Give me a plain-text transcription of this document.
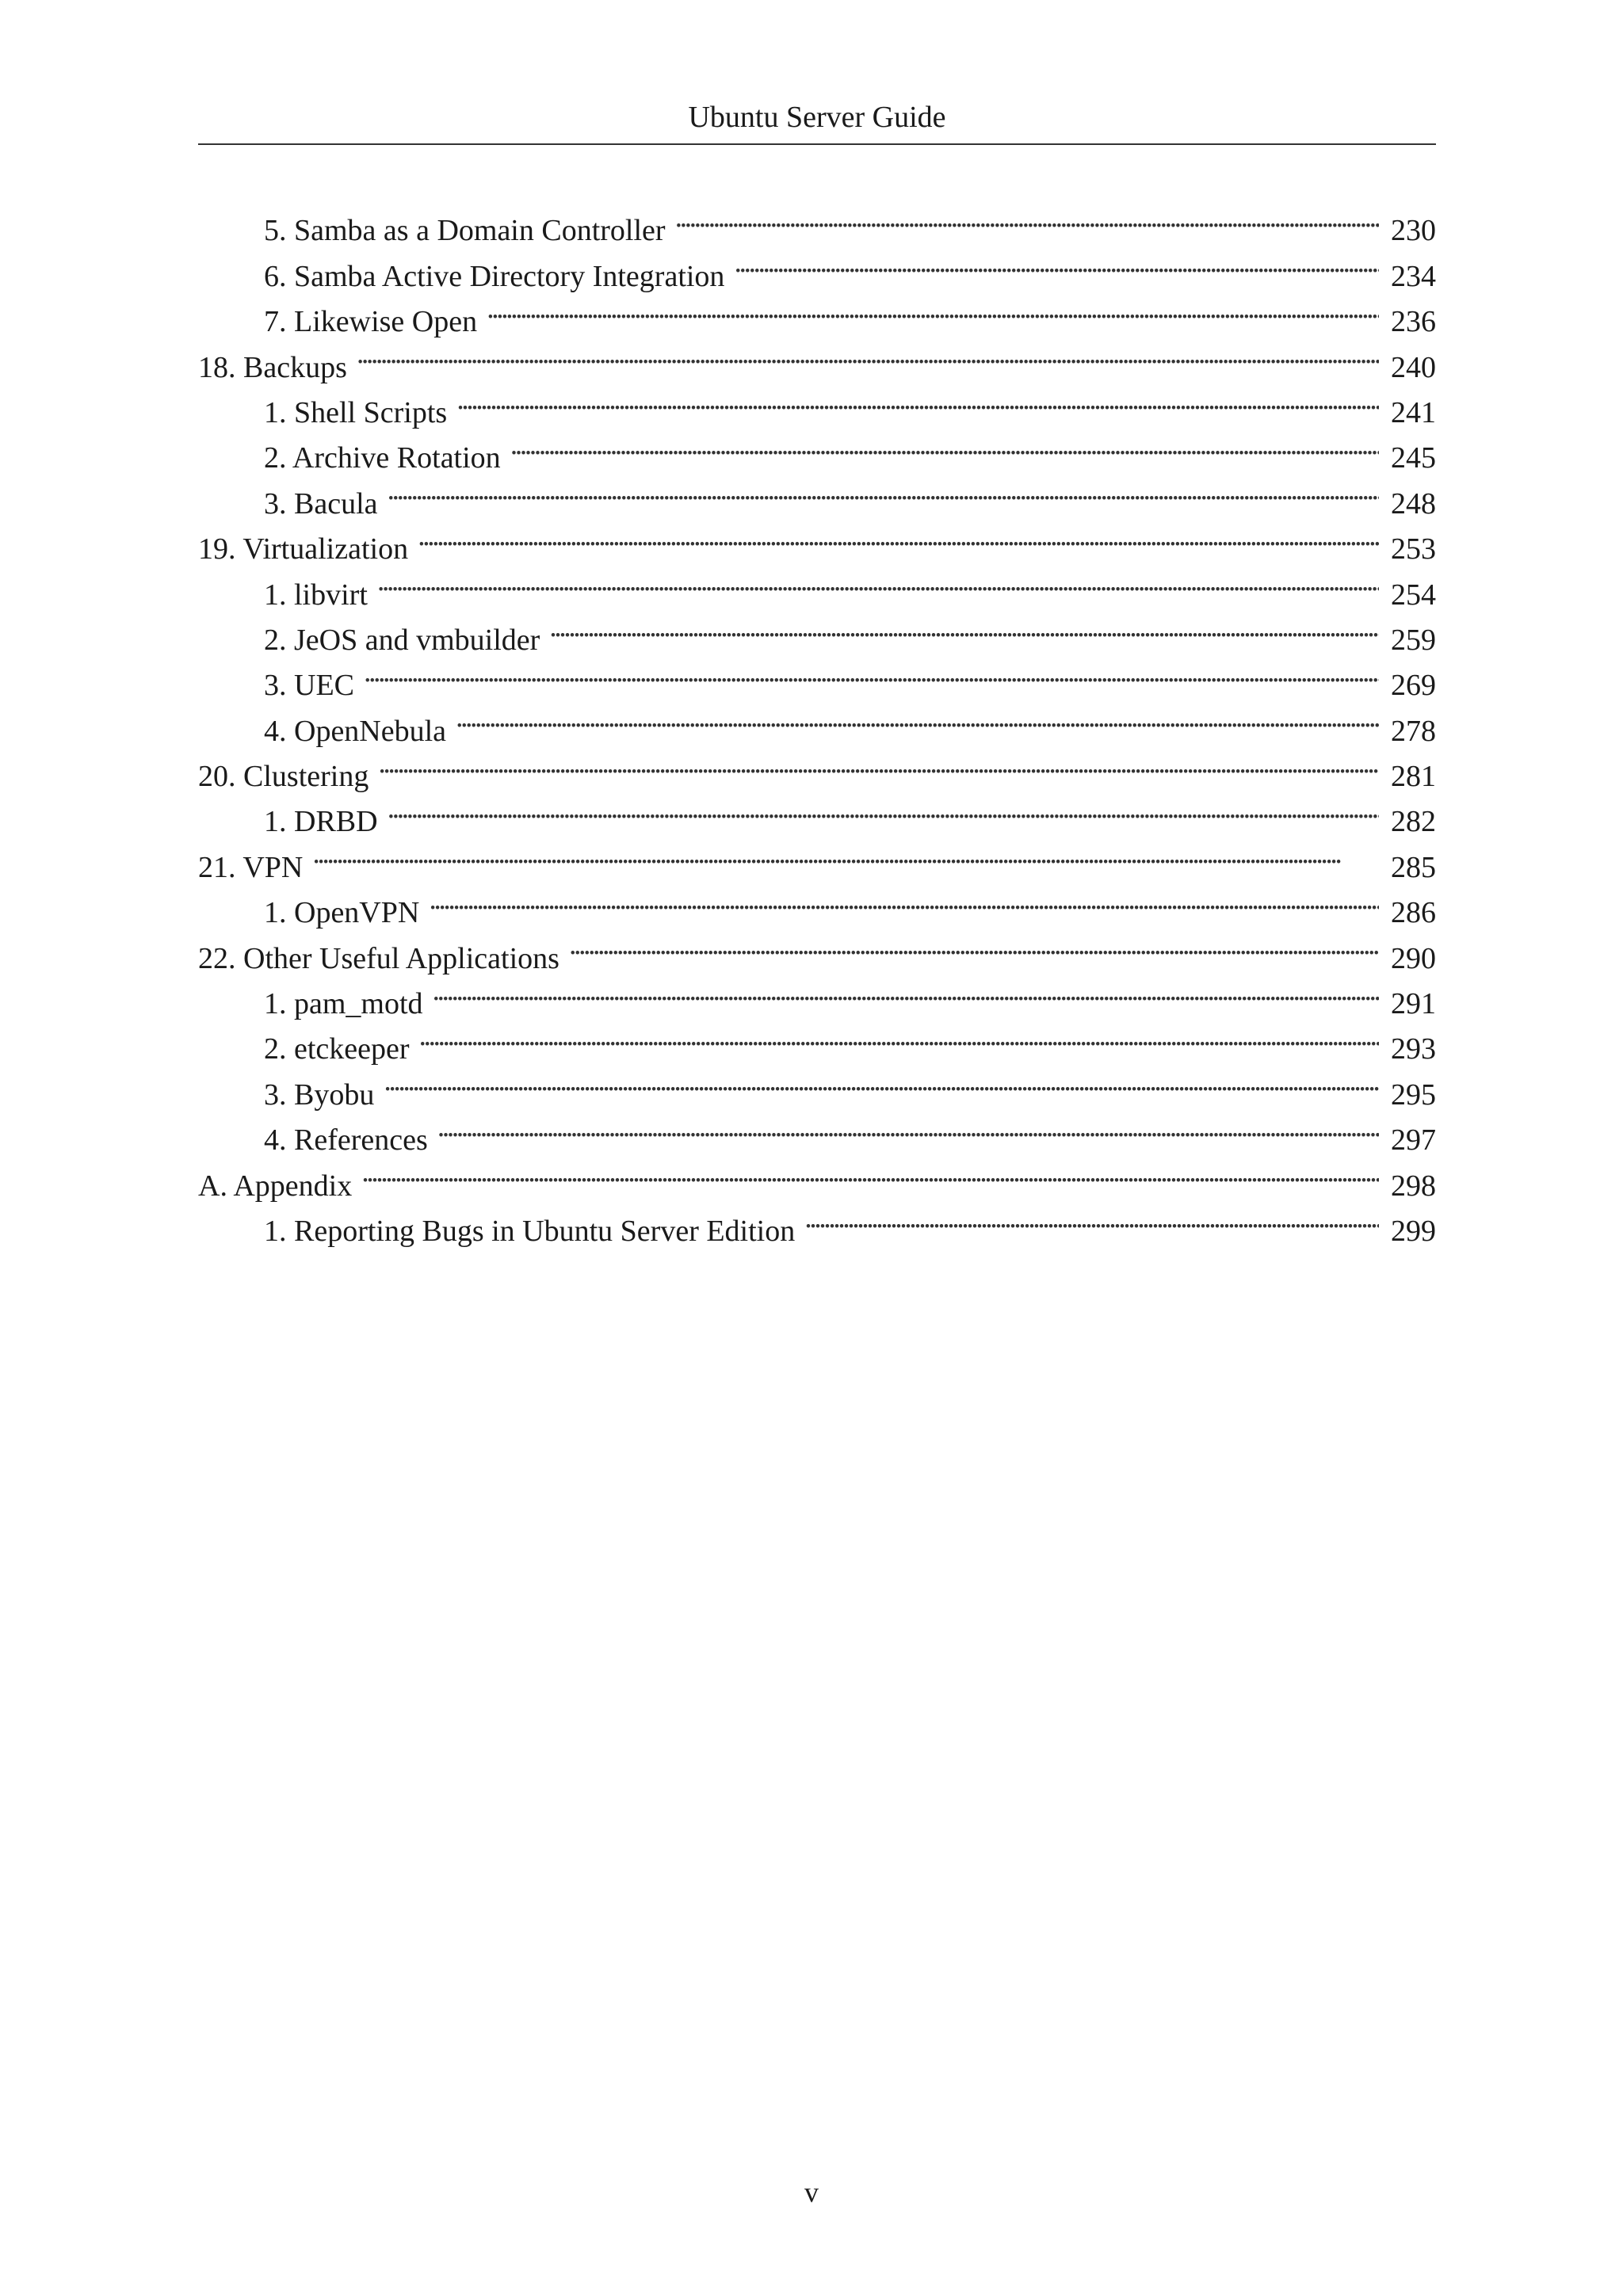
Ubuntu Server Guide
5. Samba as a Domain Controller . . .	230
6. Samba Active Directory Integration . . .	234
7. Likewise Open . . .	236
18. Backups . . .	240
1. Shell Scripts . . .	241
2. Archive Rotation . . .	245
3. Bacula . . .	248
19. Virtualization . . .	253
1. libvirt . . .	254
2. JeOS and vmbuilder . . .	259
3. UEC . . .	269
4. OpenNebula . . .	278
20. Clustering . . .	281
1. DRBD . . .	282
21. VPN . . .	285
1. OpenVPN . . .	286
22. Other Useful Applications . . .	290
1. pam_motd . . .	291
2. etckeeper . . .	293
3. Byobu . . .	295
4. References . . .	297
A. Appendix . . .	298
1. Reporting Bugs in Ubuntu Server Edition . . .	299
v
